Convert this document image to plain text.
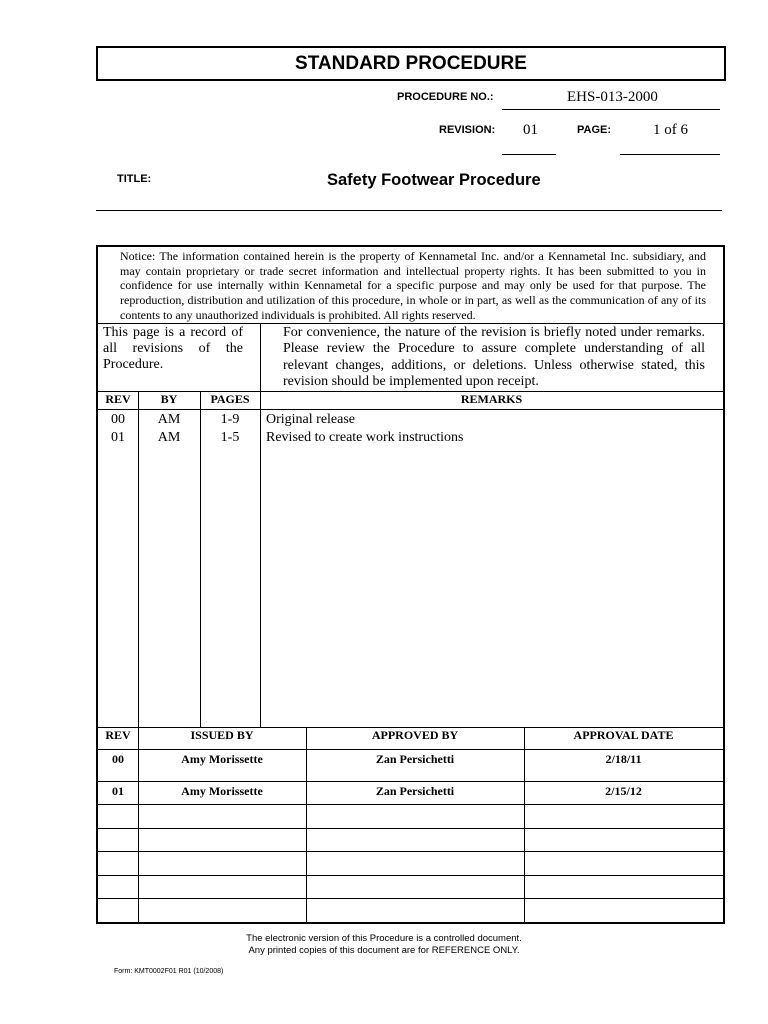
STANDARD PROCEDURE
PROCEDURE NO.:	EHS-013-2000
REVISION: 01	PAGE:	1 of 6
TITLE:	Safety Footwear Procedure
Notice: The information contained herein is the property of Kennametal Inc. and/or a Kennametal Inc. subsidiary, and may contain proprietary or trade secret information and intellectual property rights. It has been submitted to you in confidence for use internally within Kennametal for a specific purpose and may only be used for that purpose. The reproduction, distribution and utilization of this procedure, in whole or in part, as well as the communication of any of its contents to any unauthorized individuals is prohibited. All rights reserved.
This page is a record of all revisions of the Procedure.
For convenience, the nature of the revision is briefly noted under remarks. Please review the Procedure to assure complete understanding of all relevant changes, additions, or deletions. Unless otherwise stated, this revision should be implemented upon receipt.
REV	BY	PAGES	REMARKS
00	AM	1-9	Original release
01	AM	1-5	Revised to create work instructions
REV	ISSUED BY	APPROVED BY	APPROVAL DATE
00	Amy Morissette	Zan Persichetti	2/18/11
01	Amy Morissette	Zan Persichetti	2/15/12
The electronic version of this Procedure is a controlled document.
Any printed copies of this document are for REFERENCE ONLY.
Form: KMT0002F01 R01 (10/2008)
